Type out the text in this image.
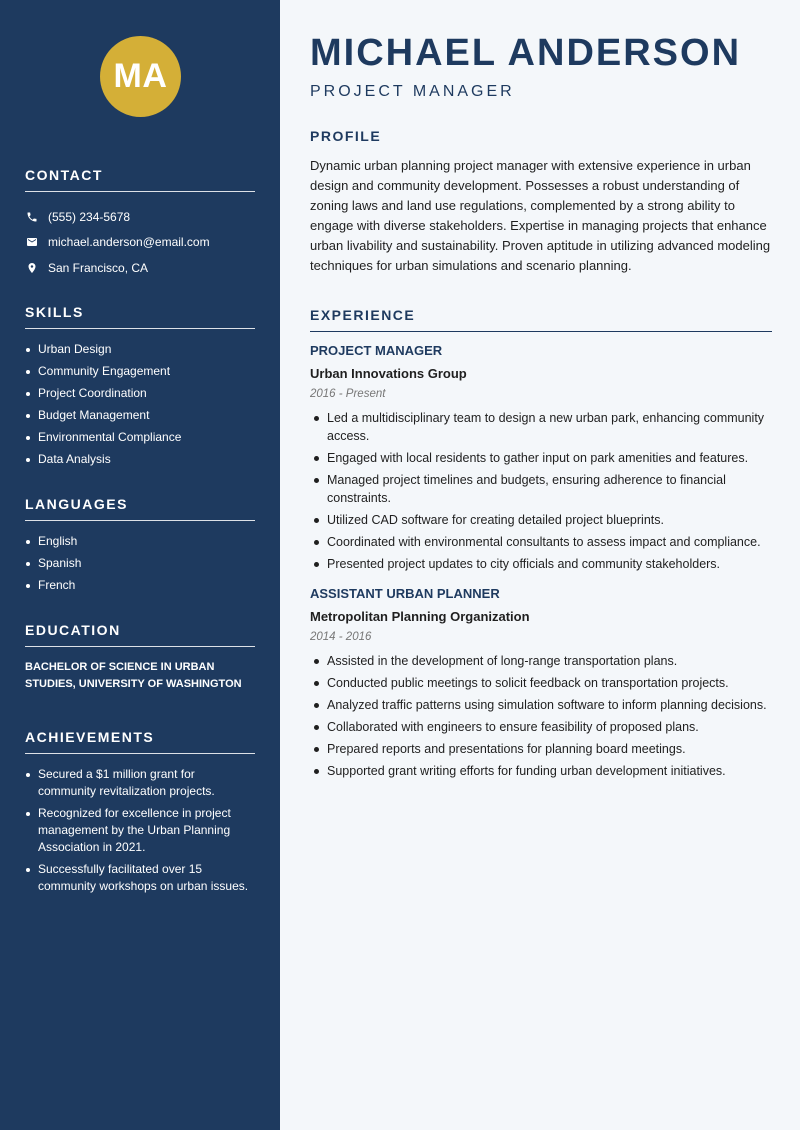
MA
CONTACT
(555) 234-5678
michael.anderson@email.com
San Francisco, CA
SKILLS
Urban Design
Community Engagement
Project Coordination
Budget Management
Environmental Compliance
Data Analysis
LANGUAGES
English
Spanish
French
EDUCATION

BACHELOR OF SCIENCE IN URBAN STUDIES, UNIVERSITY OF WASHINGTON

ACHIEVEMENTS
Secured a $1 million grant for community revitalization projects.
Recognized for excellence in project management by the Urban Planning Association in 2021.
Successfully facilitated over 15 community workshops on urban issues.
MICHAEL ANDERSON
PROJECT MANAGER
PROFILE

Dynamic urban planning project manager with extensive experience in urban design and community development. Possesses a robust understanding of zoning laws and land use regulations, complemented by a strong ability to engage with diverse stakeholders. Expertise in managing projects that enhance urban livability and sustainability. Proven aptitude in utilizing advanced modeling techniques for urban simulations and scenario planning.

EXPERIENCE
PROJECT MANAGER
Urban Innovations Group
2016 - Present
Led a multidisciplinary team to design a new urban park, enhancing community access.
Engaged with local residents to gather input on park amenities and features.
Managed project timelines and budgets, ensuring adherence to financial constraints.
Utilized CAD software for creating detailed project blueprints.
Coordinated with environmental consultants to assess impact and compliance.
Presented project updates to city officials and community stakeholders.
ASSISTANT URBAN PLANNER
Metropolitan Planning Organization
2014 - 2016
Assisted in the development of long-range transportation plans.
Conducted public meetings to solicit feedback on transportation projects.
Analyzed traffic patterns using simulation software to inform planning decisions.
Collaborated with engineers to ensure feasibility of proposed plans.
Prepared reports and presentations for planning board meetings.
Supported grant writing efforts for funding urban development initiatives.
